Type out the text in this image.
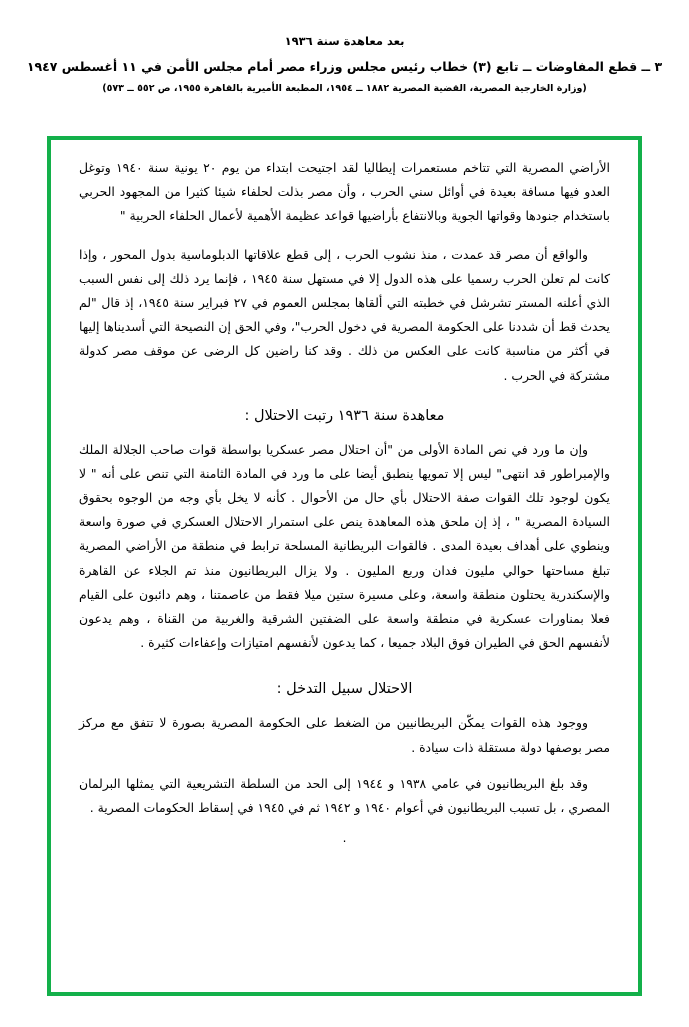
بعد معاهدة سنة ١٩٣٦
٣ ــ قطع المفاوضات ــ تابع (٣) خطاب رئيس مجلس وزراء مصر أمام مجلس الأمن في ١١ أغسطس ١٩٤٧
(وزارة الخارجية المصرية، القضية المصرية ١٨٨٢ ــ ١٩٥٤، المطبعة الأميرية بالقاهرة ١٩٥٥، ص ٥٥٢ ــ ٥٧٣)

الأراضي المصرية التي تتاخم مستعمرات إيطاليا لقد اجتيحت ابتداء من يوم ٢٠ يونية سنة ١٩٤٠ وتوغل العدو فيها مسافة بعيدة في أوائل سني الحرب ، وأن مصر بذلت لحلفاء شيئا كثيرا من المجهود الحربي باستخدام جنودها وقواتها الجوية وبالانتفاع بأراضيها قواعد عظيمة الأهمية لأعمال الحلفاء الحربية "

والواقع أن مصر قد عمدت ، منذ نشوب الحرب ، إلى قطع علاقاتها الدبلوماسية بدول المحور ، وإذا كانت لم تعلن الحرب رسميا على هذه الدول إلا في مستهل سنة ١٩٤٥ ، فإنما يرد ذلك إلى نفس السبب الذي أعلنه المستر تشرشل في خطبته التي ألقاها بمجلس العموم في ٢٧ فبراير سنة ١٩٤٥، إذ قال "لم يحدث قط أن شددنا على الحكومة المصرية في دخول الحرب"، وفي الحق إن النصيحة التي أسديناها إليها في أكثر من مناسبة كانت على العكس من ذلك . وقد كنا راضين كل الرضى عن موقف مصر كدولة مشتركة في الحرب .

معاهدة سنة ١٩٣٦ رتبت الاحتلال :

وإن ما ورد في نص المادة الأولى من "أن احتلال مصر عسكريا بواسطة قوات صاحب الجلالة الملك والإمبراطور قد انتهى" ليس إلا تمويها ينطبق أيضا على ما ورد في المادة الثامنة التي تنص على أنه " لا يكون لوجود تلك القوات صفة الاحتلال بأي حال من الأحوال . كأنه لا يخل بأي وجه من الوجوه بحقوق السيادة المصرية " ، إذ إن ملحق هذه المعاهدة ينص على استمرار الاحتلال العسكري في صورة واسعة وينطوي على أهداف بعيدة المدى . فالقوات البريطانية المسلحة ترابط في منطقة من الأراضي المصرية تبلغ مساحتها حوالي مليون فدان وربع المليون . ولا يزال البريطانيون منذ تم الجلاء عن القاهرة والإسكندرية يحتلون منطقة واسعة، وعلى مسيرة ستين ميلا فقط من عاصمتنا ، وهم دائبون على القيام فعلا بمناورات عسكرية في منطقة واسعة على الضفتين الشرقية والغربية من القناة ، وهم يدعون لأنفسهم الحق في الطيران فوق البلاد جميعا ، كما يدعون لأنفسهم امتيازات وإعفاءات كثيرة .

الاحتلال سبيل التدخل :

ووجود هذه القوات يمكّن البريطانيين من الضغط على الحكومة المصرية بصورة لا تتفق مع مركز مصر بوصفها دولة مستقلة ذات سيادة .

وقد بلغ البريطانيون في عامي ١٩٣٨ و ١٩٤٤ إلى الحد من السلطة التشريعية التي يمثلها البرلمان المصري ، بل تسبب البريطانيون في أعوام ١٩٤٠ و ١٩٤٢ ثم في ١٩٤٥ في إسقاط الحكومات المصرية .

.
